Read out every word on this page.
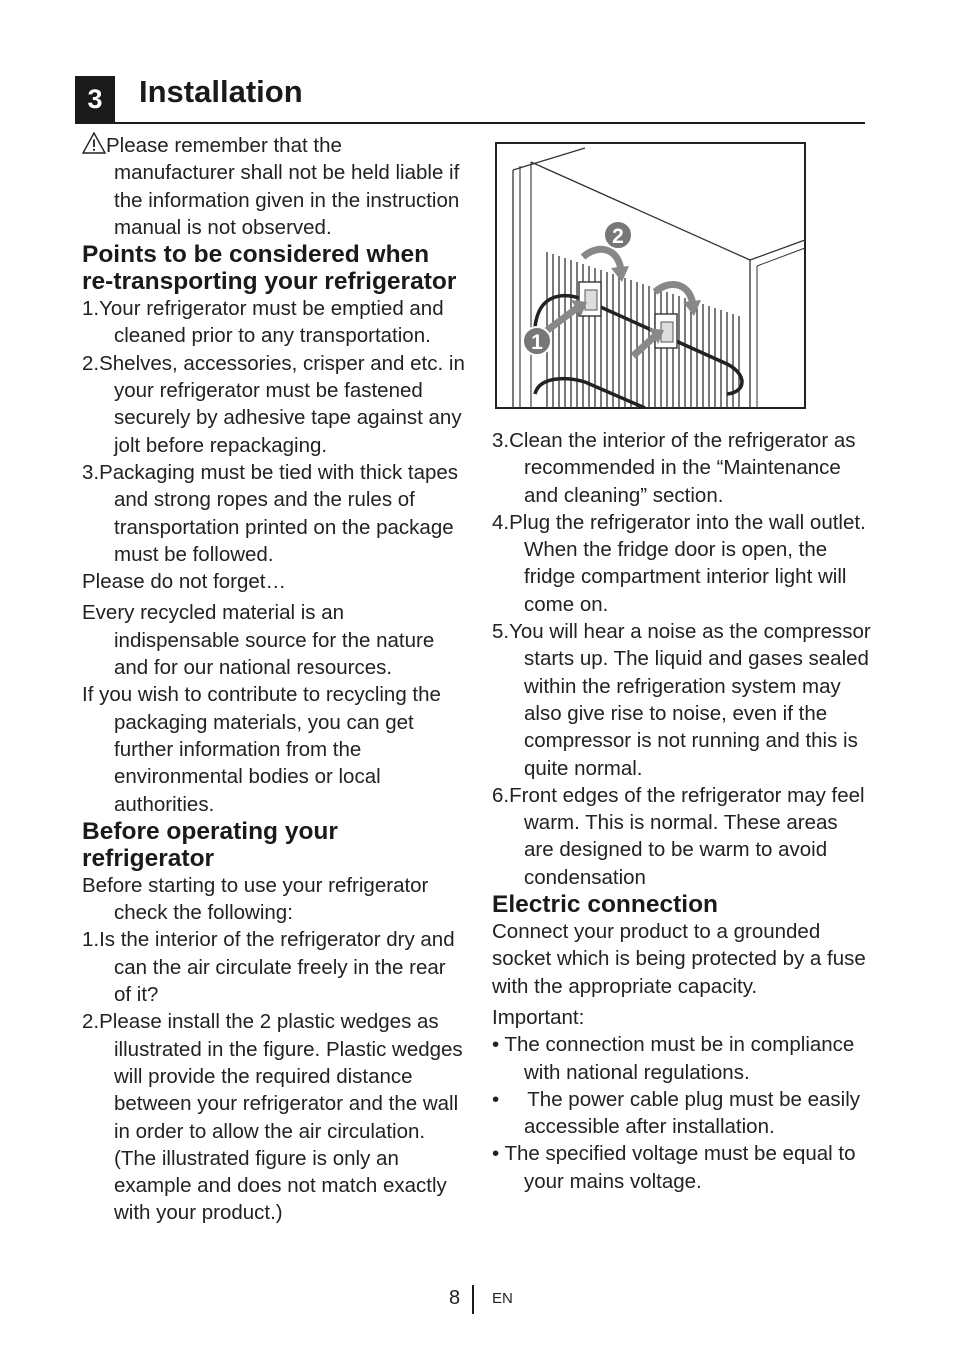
3	Installation

Please remember that the manufacturer shall not be held liable if the information given in the instruction manual is not observed.

Points to be considered when re-transporting your refrigerator

1.Your refrigerator must be emptied and cleaned prior to any transportation.

2.Shelves, accessories, crisper and etc. in your refrigerator must be fastened securely by adhesive tape against any jolt before repackaging.

3.Packaging must be tied with thick tapes and strong ropes and the rules of transportation printed on the package must be followed.

Please do not forget…

Every recycled material is an indispensable source for the nature and for our national resources.

If you wish to contribute to recycling the packaging materials, you can get further information from the environmental bodies or local authorities.

Before operating your refrigerator

Before starting to use your refrigerator check the following:

1.Is the interior of the refrigerator dry and can the air circulate freely in the rear of it?

2.Please install the 2 plastic wedges as illustrated in the figure. Plastic wedges will provide the required distance between your refrigerator and the wall in order to allow the air circulation. (The illustrated figure is only an example and does not match exactly with your product.)

1
2

3.Clean the interior of the refrigerator as recommended in the “Maintenance and cleaning” section.

4.Plug the refrigerator into the wall outlet. When the fridge door is open, the fridge compartment interior light will come on.

5.You will hear a noise as the compressor starts up. The liquid and gases sealed within the refrigeration system may also give rise to noise, even if the compressor is not running and this is quite normal.

6.Front edges of the refrigerator may feel warm. This is normal. These areas are designed to be warm to avoid condensation

Electric connection

Connect your product to a grounded socket which is being protected by a fuse with the appropriate capacity.

Important:

• The connection must be in compliance with national regulations.

•     The power cable plug must be easily accessible after installation.

• The specified voltage must be equal to your mains voltage.

8 EN
